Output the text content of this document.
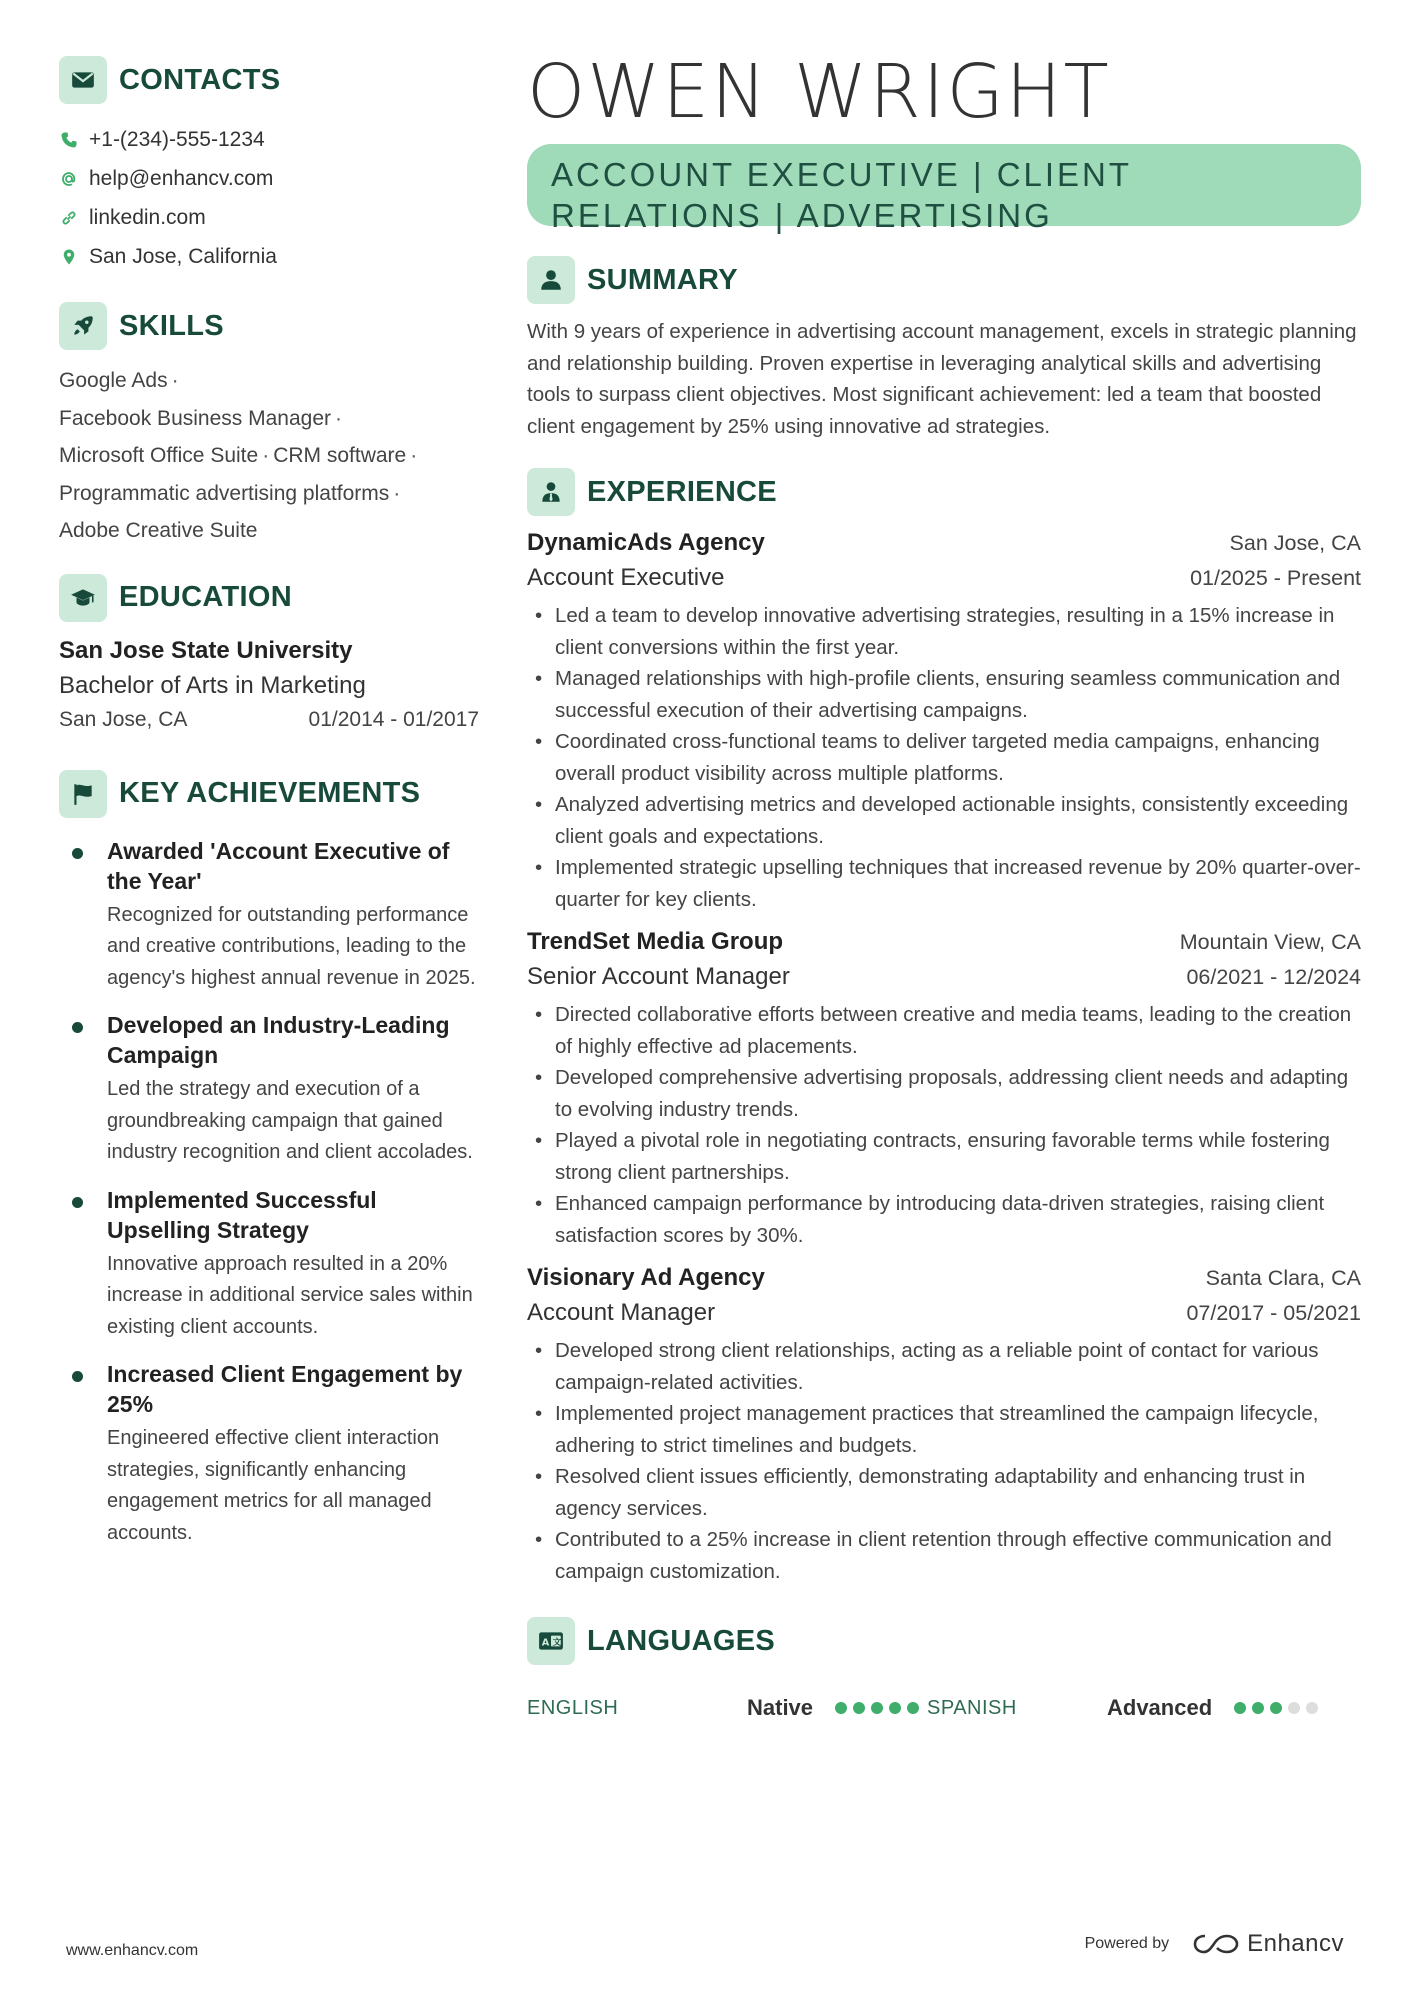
CONTACTS
+1-(234)-555-1234
help@enhancv.com
linkedin.com
San Jose, California
SKILLS
Google Ads ·
Facebook Business Manager ·
Microsoft Office Suite · CRM software ·
Programmatic advertising platforms ·
Adobe Creative Suite
EDUCATION
San Jose State University
Bachelor of Arts in Marketing
San Jose, CA	01/2014 - 01/2017
KEY ACHIEVEMENTS
Awarded 'Account Executive of the Year'
Recognized for outstanding performance and creative contributions, leading to the agency's highest annual revenue in 2025.
Developed an Industry-Leading Campaign
Led the strategy and execution of a groundbreaking campaign that gained industry recognition and client accolades.
Implemented Successful Upselling Strategy
Innovative approach resulted in a 20% increase in additional service sales within existing client accounts.
Increased Client Engagement by 25%
Engineered effective client interaction strategies, significantly enhancing engagement metrics for all managed accounts.
OWEN WRIGHT
ACCOUNT EXECUTIVE | CLIENT
RELATIONS | ADVERTISING
SUMMARY
With 9 years of experience in advertising account management, excels in strategic planning and relationship building. Proven expertise in leveraging analytical skills and advertising tools to surpass client objectives. Most significant achievement: led a team that boosted client engagement by 25% using innovative ad strategies.
EXPERIENCE
DynamicAds Agency	San Jose, CA
Account Executive	01/2025 - Present
• Led a team to develop innovative advertising strategies, resulting in a 15% increase in client conversions within the first year.
• Managed relationships with high-profile clients, ensuring seamless communication and successful execution of their advertising campaigns.
• Coordinated cross-functional teams to deliver targeted media campaigns, enhancing overall product visibility across multiple platforms.
• Analyzed advertising metrics and developed actionable insights, consistently exceeding client goals and expectations.
• Implemented strategic upselling techniques that increased revenue by 20% quarter-over-quarter for key clients.
TrendSet Media Group	Mountain View, CA
Senior Account Manager	06/2021 - 12/2024
• Directed collaborative efforts between creative and media teams, leading to the creation of highly effective ad placements.
• Developed comprehensive advertising proposals, addressing client needs and adapting to evolving industry trends.
• Played a pivotal role in negotiating contracts, ensuring favorable terms while fostering strong client partnerships.
• Enhanced campaign performance by introducing data-driven strategies, raising client satisfaction scores by 30%.
Visionary Ad Agency	Santa Clara, CA
Account Manager	07/2017 - 05/2021
• Developed strong client relationships, acting as a reliable point of contact for various campaign-related activities.
• Implemented project management practices that streamlined the campaign lifecycle, adhering to strict timelines and budgets.
• Resolved client issues efficiently, demonstrating adaptability and enhancing trust in agency services.
• Contributed to a 25% increase in client retention through effective communication and campaign customization.
A 文 LANGUAGES
ENGLISH	Native	SPANISH	Advanced
www.enhancv.com	Powered by	Enhancv
